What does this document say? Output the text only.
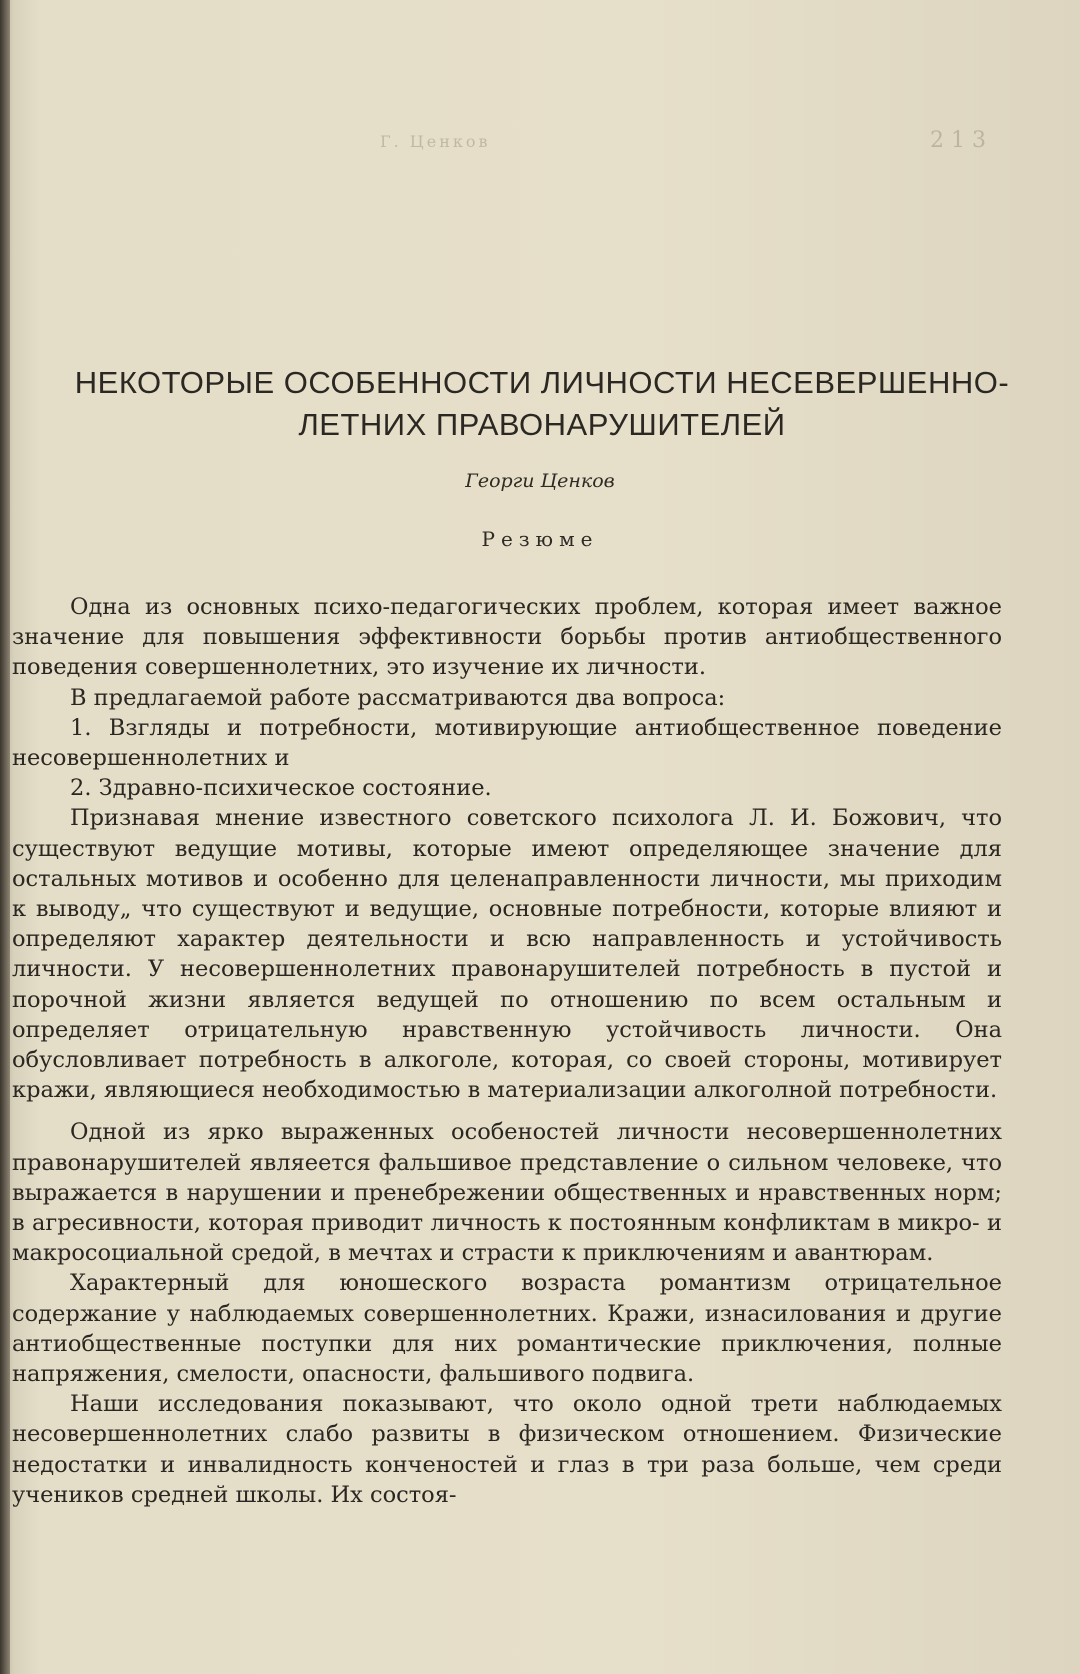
Г. Ценков	2 1 3
НЕКОТОРЫЕ ОСОБЕННОСТИ ЛИЧНОСТИ НЕСЕВЕРШЕННО-
ЛЕТНИХ ПРАВОНАРУШИТЕЛЕЙ
Георги Ценков
Резюме

Одна из основных психо-педагогических проблем, которая имеет важное значение для повышения эффективности борьбы против антиобщественного поведения совершеннолетних, это изучение их личности.

В предлагаемой работе рассматриваются два вопроса:

1. Взгляды и потребности, мотивирующие антиобщественное поведение несовершеннолетних и

2. Здравно-психическое состояние.

Признавая мнение известного советского психолога Л. И. Божович, что существуют ведущие мотивы, которые имеют определяющее значение для остальных мотивов и особенно для целенаправленности личности, мы приходим к выводу„ что существуют и ведущие, основные потребности, которые влияют и определяют характер деятельности и всю направленность и устойчивость личности. У несовершеннолетних правонарушителей потребность в пустой и порочной жизни является ведущей по отношению по всем остальным и определяет отрицательную нравственную устойчивость личности. Она обусловливает потребность в алкоголе, которая, со своей стороны, мотивирует кражи, являющиеся необходимостью в материализации алкоголной потребности.

Одной из ярко выраженных особеностей личности несовершеннолетних правонарушителей являеется фальшивое представление о сильном человеке, что выражается в нарушении и пренебрежении общественных и нравственных норм; в агресивности, которая приводит личность к постоянным конфликтам в микро- и макросоциальной средой, в мечтах и страсти к приключениям и авантюрам.

Характерный для юношеского возраста романтизм отрицательное содержание у наблюдаемых совершеннолетних. Кражи, изнасилования и другие антиобщественные поступки для них романтические приключения, полные напряжения, смелости, опасности, фальшивого подвига.

Наши исследования показывают, что около одной трети наблюдаемых несовершеннолетних слабо развиты в физическом отношением. Физические недостатки и инвалидность конченостей и глаз в три раза больше, чем среди учеников средней школы. Их состоя-
